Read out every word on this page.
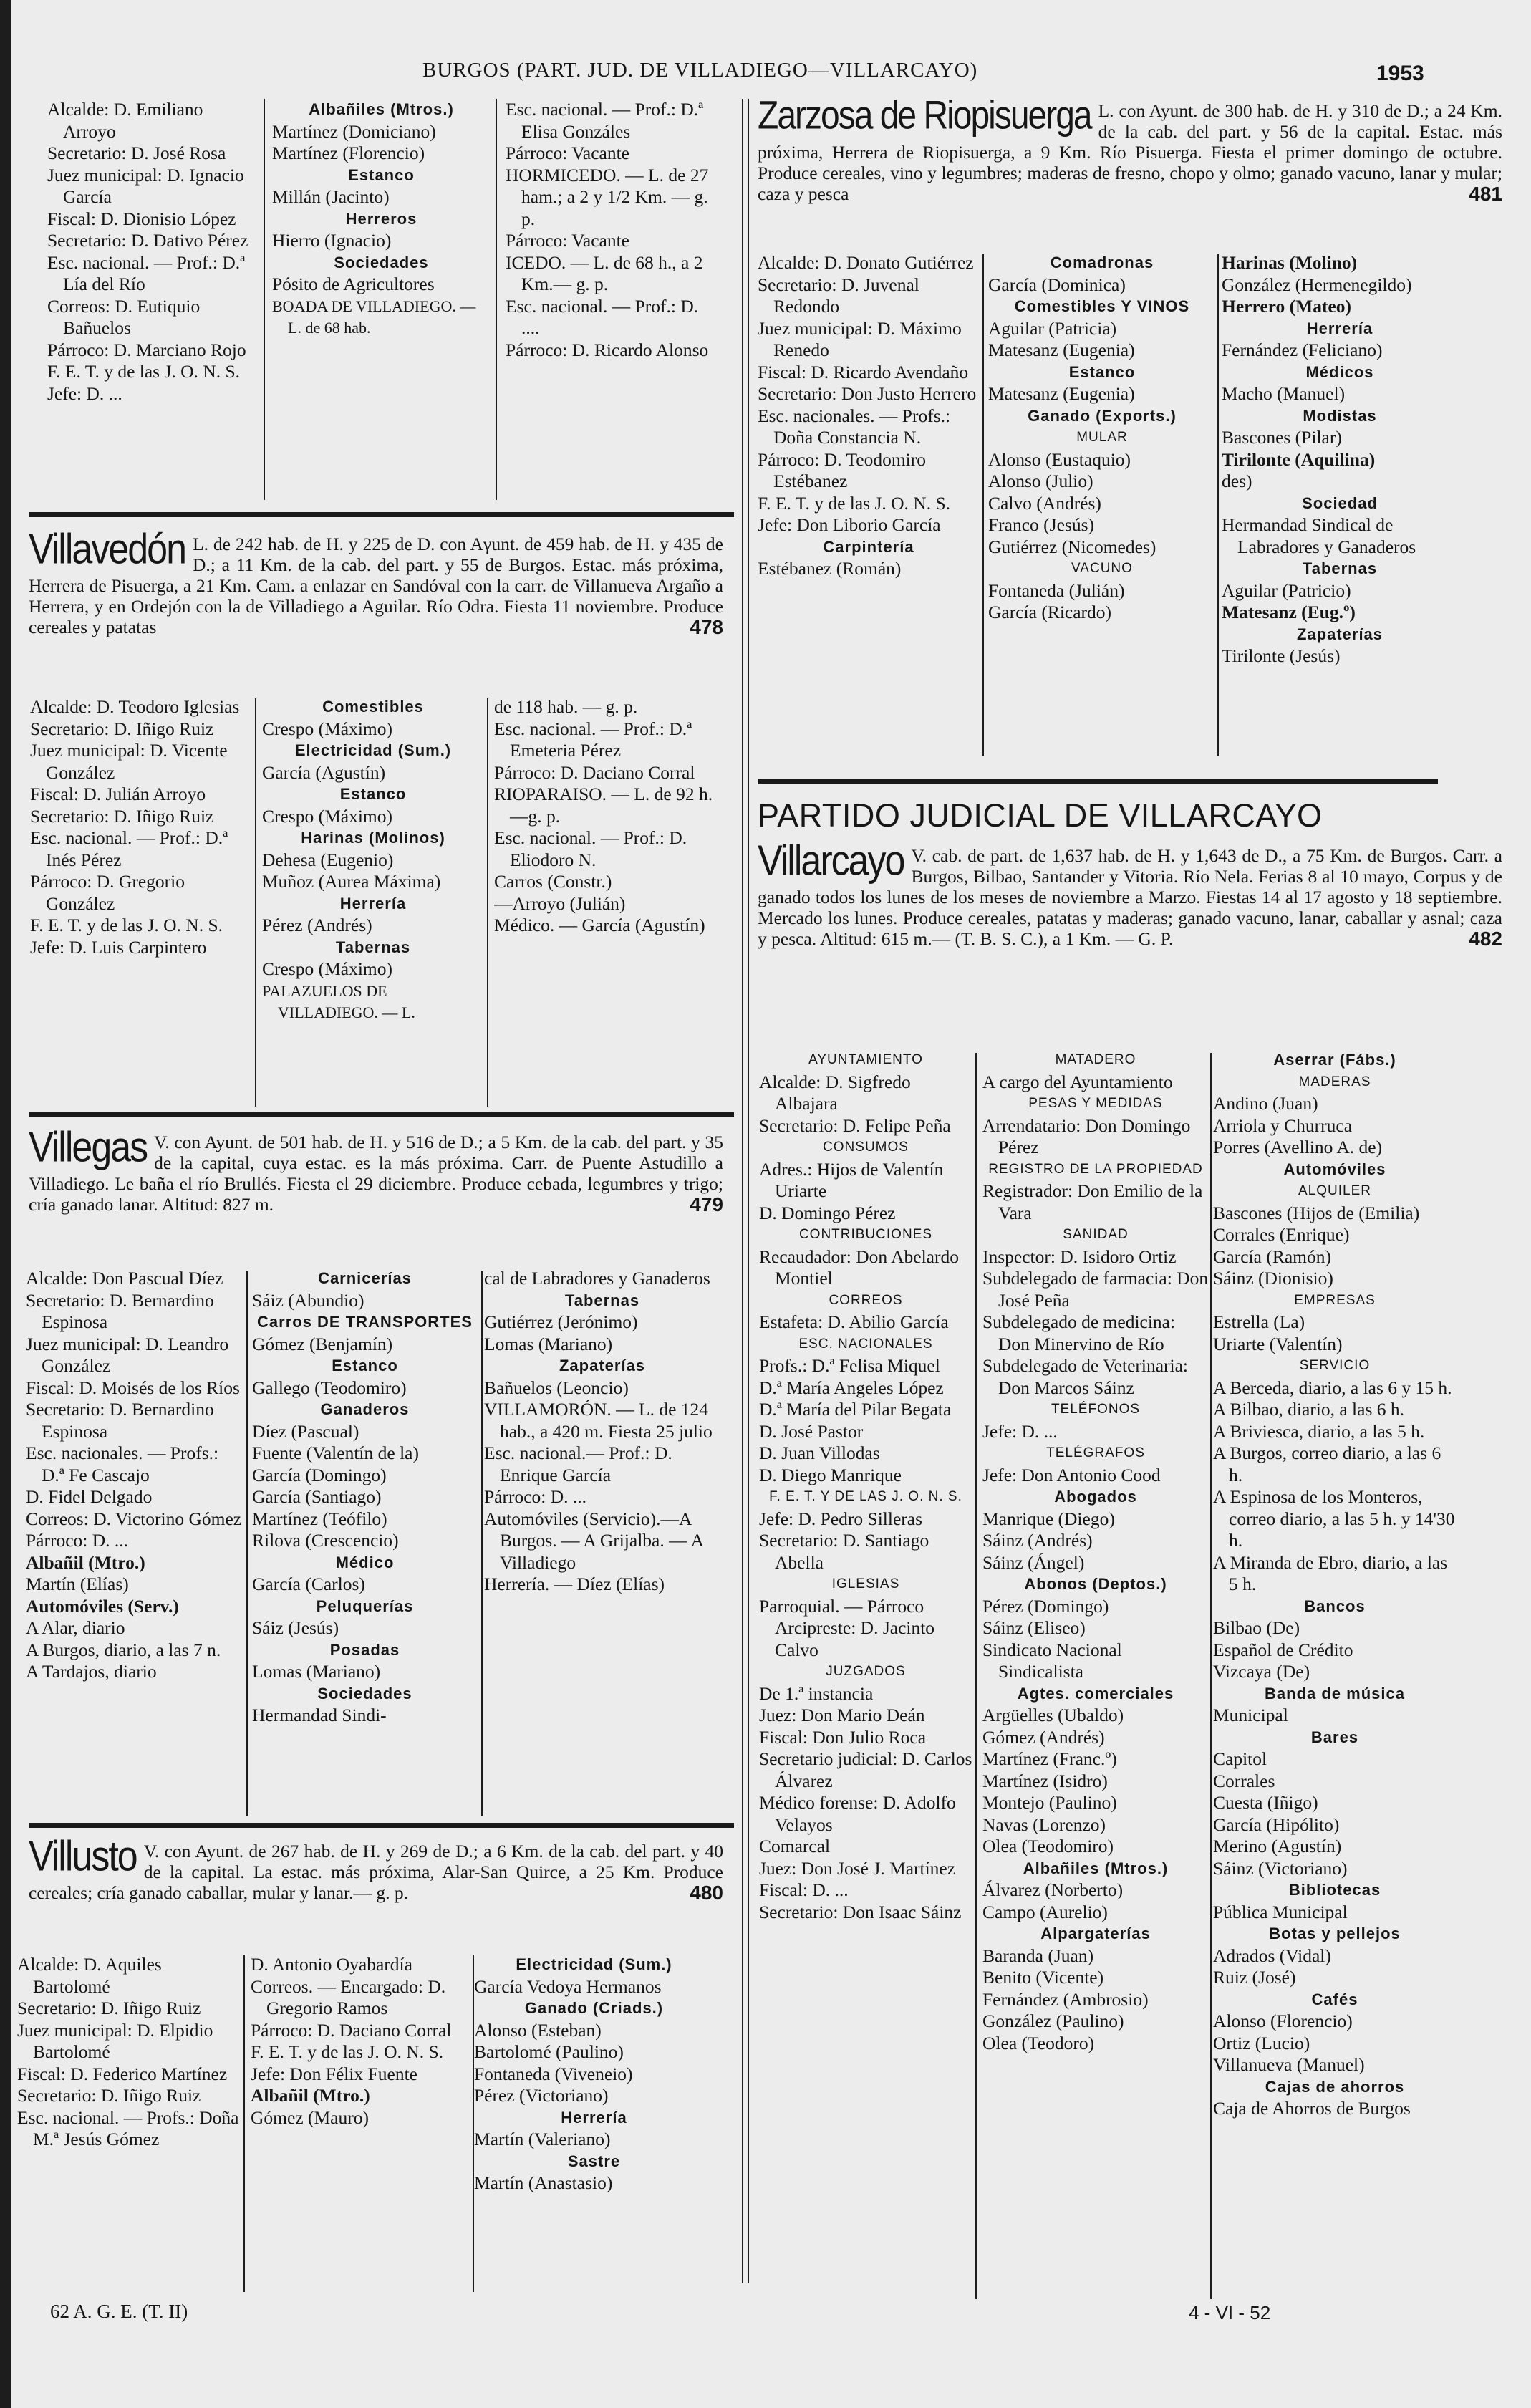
BURGOS (PART. JUD. DE VILLADIEGO—VILLARCAYO)	1953

Alcalde: D. Emiliano Arroyo

Secretario: D. José Rosa

Juez municipal: D. Ignacio García

Fiscal: D. Dionisio López

Secretario: D. Dativo Pérez

Esc. nacional. — Prof.: D.ª Lía del Río

Correos: D. Eutiquio Bañuelos

Párroco: D. Marciano Rojo

F. E. T. y de las J. O. N. S.

Jefe: D. ...

Albañiles (Mtros.)

Martínez (Domiciano)

Martínez (Florencio)

Estanco

Millán (Jacinto)

Herreros

Hierro (Ignacio)

Sociedades

Pósito de Agricultores

BOADA DE VILLADIEGO. — L. de 68 hab.

Esc. nacional. — Prof.: D.ª Elisa Gonzáles

Párroco: Vacante

HORMICEDO. — L. de 27 ham.; a 2 y 1/2 Km. — g. p.

Párroco: Vacante

ICEDO. — L. de 68 h., a 2 Km.— g. p.

Esc. nacional. — Prof.: D. ....

Párroco: D. Ricardo Alonso

Villavedón L. de 242 hab. de H. y 225 de D. con Aγunt. de 459 hab. de H. y 435 de D.; a 11 Km. de la cab. del part. y 55 de Burgos. Estac. más próxima, Herrera de Pisuerga, a 21 Km. Cam. a enlazar en Sandóval con la carr. de Villanueva Argaño a Herrera, y en Ordejón con la de Villadiego a Aguilar. Río Odra. Fiesta 11 noviembre. Produce cereales y patatas	478

Alcalde: D. Teodoro Iglesias

Secretario: D. Iñigo Ruiz

Juez municipal: D. Vicente González

Fiscal: D. Julián Arroyo

Secretario: D. Iñigo Ruiz

Esc. nacional. — Prof.: D.ª Inés Pérez

Párroco: D. Gregorio González

F. E. T. y de las J. O. N. S.

Jefe: D. Luis Carpintero

Comestibles

Crespo (Máximo)

Electricidad (Sum.)

García (Agustín)

Estanco

Crespo (Máximo)

Harinas (Molinos)

Dehesa (Eugenio)

Muñoz (Aurea Máxima)

Herrería

Pérez (Andrés)

Tabernas

Crespo (Máximo)

PALAZUELOS DE VILLADIEGO. — L.

de 118 hab. — g. p.

Esc. nacional. — Prof.: D.ª Emeteria Pérez

Párroco: D. Daciano Corral

RIOPARAISO. — L. de 92 h.—g. p.

Esc. nacional. — Prof.: D. Eliodoro N.

Carros (Constr.)

—Arroyo (Julián)

Médico. — García (Agustín)

Villegas V. con Ayunt. de 501 hab. de H. y 516 de D.; a 5 Km. de la cab. del part. y 35 de la capital, cuya estac. es la más próxima. Carr. de Puente Astudillo a Villadiego. Le baña el río Brullés. Fiesta el 29 diciembre. Produce cebada, legumbres y trigo; cría ganado lanar. Altitud: 827 m.	479

Alcalde: Don Pascual Díez

Secretario: D. Bernardino Espinosa

Juez municipal: D. Leandro González

Fiscal: D. Moisés de los Ríos

Secretario: D. Bernardino Espinosa

Esc. nacionales. — Profs.: D.ª Fe Cascajo

D. Fidel Delgado

Correos: D. Victorino Gómez

Párroco: D. ...

Albañil (Mtro.)

Martín (Elías)

Automóviles (Serv.)

A Alar, diario

A Burgos, diario, a las 7 n.

A Tardajos, diario

Carnicerías

Sáiz (Abundio)

Carros DE TRANSPORTES

Gómez (Benjamín)

Estanco

Gallego (Teodomiro)

Ganaderos

Díez (Pascual)

Fuente (Valentín de la)

García (Domingo)

García (Santiago)

Martínez (Teófilo)

Rilova (Crescencio)

Médico

García (Carlos)

Peluquerías

Sáiz (Jesús)

Posadas

Lomas (Mariano)

Sociedades

Hermandad Sindi-

cal de Labradores y Ganaderos

Tabernas

Gutiérrez (Jerónimo)

Lomas (Mariano)

Zapaterías

Bañuelos (Leoncio)

VILLAMORÓN. — L. de 124 hab., a 420 m. Fiesta 25 julio

Esc. nacional.— Prof.: D. Enrique García

Párroco: D. ...

Automóviles (Servicio).—A Burgos. — A Grijalba. — A Villadiego

Herrería. — Díez (Elías)

Villusto V. con Ayunt. de 267 hab. de H. y 269 de D.; a 6 Km. de la cab. del part. y 40 de la capital. La estac. más próxima, Alar-San Quirce, a 25 Km. Produce cereales; cría ganado caballar, mular y lanar.— g. p.	480

Alcalde: D. Aquiles Bartolomé

Secretario: D. Iñigo Ruiz

Juez municipal: D. Elpidio Bartolomé

Fiscal: D. Federico Martínez

Secretario: D. Iñigo Ruiz

Esc. nacional. — Profs.: Doña M.ª Jesús Gómez

D. Antonio Oyabardía

Correos. — Encargado: D. Gregorio Ramos

Párroco: D. Daciano Corral

F. E. T. y de las J. O. N. S.

Jefe: Don Félix Fuente

Albañil (Mtro.)

Gómez (Mauro)

Electricidad (Sum.)

García Vedoya Hermanos

Ganado (Criads.)

Alonso (Esteban)

Bartolomé (Paulino)

Fontaneda (Viveneio)

Pérez (Victoriano)

Herrería

Martín (Valeriano)

Sastre

Martín (Anastasio)

Zarzosa de Riopisuerga L. con Ayunt. de 300 hab. de H. y 310 de D.; a 24 Km. de la cab. del part. y 56 de la capital. Estac. más próxima, Herrera de Riopisuerga, a 9 Km. Río Pisuerga. Fiesta el primer domingo de octubre. Produce cereales, vino y legumbres; maderas de fresno, chopo y olmo; ganado vacuno, lanar y mular; caza y pesca	481

Alcalde: D. Donato Gutiérrez

Secretario: D. Juvenal Redondo

Juez municipal: D. Máximo Renedo

Fiscal: D. Ricardo Avendaño

Secretario: Don Justo Herrero

Esc. nacionales. — Profs.: Doña Constancia N.

Párroco: D. Teodomiro Estébanez

F. E. T. y de las J. O. N. S.

Jefe: Don Liborio García

Carpintería

Estébanez (Román)

Comadronas

García (Dominica)

Comestibles Y VINOS

Aguilar (Patricia)

Matesanz (Eugenia)

Estanco

Matesanz (Eugenia)

Ganado (Exports.)

MULAR

Alonso (Eustaquio)

Alonso (Julio)

Calvo (Andrés)

Franco (Jesús)

Gutiérrez (Nicomedes)

VACUNO

Fontaneda (Julián)

García (Ricardo)

Harinas (Molino)

González (Hermenegildo)

Herrero (Mateo)

Herrería

Fernández (Feliciano)

Médicos

Macho (Manuel)

Modistas

Bascones (Pilar)

Tirilonte (Aquilina)

des)

Sociedad

Hermandad Sindical de Labradores y Ganaderos

Tabernas

Aguilar (Patricio)

Matesanz (Eug.º)

Zapaterías

Tirilonte (Jesús)

PARTIDO JUDICIAL DE VILLARCAYO
Villarcayo V. cab. de part. de 1,637 hab. de H. y 1,643 de D., a 75 Km. de Burgos. Carr. a Burgos, Bilbao, Santander y Vitoria. Río Nela. Ferias 8 al 10 mayo, Corpus y de ganado todos los lunes de los meses de noviembre a Marzo. Fiestas 14 al 17 agosto y 18 septiembre. Mercado los lunes. Produce cereales, patatas y maderas; ganado vacuno, lanar, caballar y asnal; caza y pesca. Altitud: 615 m.— (T. B. S. C.), a 1 Km. — G. P.	482

AYUNTAMIENTO

Alcalde: D. Sigfredo Albajara

Secretario: D. Felipe Peña

CONSUMOS

Adres.: Hijos de Valentín Uriarte

D. Domingo Pérez

CONTRIBUCIONES

Recaudador: Don Abelardo Montiel

CORREOS

Estafeta: D. Abilio García

ESC. NACIONALES

Profs.: D.ª Felisa Miquel

D.ª María Angeles López

D.ª María del Pilar Begata

D. José Pastor

D. Juan Villodas

D. Diego Manrique

F. E. T. Y DE LAS J. O. N. S.

Jefe: D. Pedro Silleras

Secretario: D. Santiago Abella

IGLESIAS

Parroquial. — Párroco Arcipreste: D. Jacinto Calvo

JUZGADOS

De 1.ª instancia

Juez: Don Mario Deán

Fiscal: Don Julio Roca

Secretario judicial: D. Carlos Álvarez

Médico forense: D. Adolfo Velayos

Comarcal

Juez: Don José J. Martínez

Fiscal: D. ...

Secretario: Don Isaac Sáinz

MATADERO

A cargo del Ayuntamiento

PESAS Y MEDIDAS

Arrendatario: Don Domingo Pérez

REGISTRO DE LA PROPIEDAD

Registrador: Don Emilio de la Vara

SANIDAD

Inspector: D. Isidoro Ortiz

Subdelegado de farmacia: Don José Peña

Subdelegado de medicina: Don Minervino de Río

Subdelegado de Veterinaria: Don Marcos Sáinz

TELÉFONOS

Jefe: D. ...

TELÉGRAFOS

Jefe: Don Antonio Cood

Abogados

Manrique (Diego)

Sáinz (Andrés)

Sáinz (Ángel)

Abonos (Deptos.)

Pérez (Domingo)

Sáinz (Eliseo)

Sindicato Nacional Sindicalista

Agtes. comerciales

Argüelles (Ubaldo)

Gómez (Andrés)

Martínez (Franc.º)

Martínez (Isidro)

Montejo (Paulino)

Navas (Lorenzo)

Olea (Teodomiro)

Albañiles (Mtros.)

Álvarez (Norberto)

Campo (Aurelio)

Alpargaterías

Baranda (Juan)

Benito (Vicente)

Fernández (Ambrosio)

González (Paulino)

Olea (Teodoro)

Aserrar (Fábs.)

MADERAS

Andino (Juan)

Arriola y Churruca

Porres (Avellino A. de)

Automóviles

ALQUILER

Bascones (Hijos de (Emilia)

Corrales (Enrique)

García (Ramón)

Sáinz (Dionisio)

EMPRESAS

Estrella (La)

Uriarte (Valentín)

SERVICIO

A Berceda, diario, a las 6 y 15 h.

A Bilbao, diario, a las 6 h.

A Briviesca, diario, a las 5 h.

A Burgos, correo diario, a las 6 h.

A Espinosa de los Monteros, correo diario, a las 5 h. y 14'30 h.

A Miranda de Ebro, diario, a las 5 h.

Bancos

Bilbao (De)

Español de Crédito

Vizcaya (De)

Banda de música

Municipal

Bares

Capitol

Corrales

Cuesta (Iñigo)

García (Hipólito)

Merino (Agustín)

Sáinz (Victoriano)

Bibliotecas

Pública Municipal

Botas y pellejos

Adrados (Vidal)

Ruiz (José)

Cafés

Alonso (Florencio)

Ortiz (Lucio)

Villanueva (Manuel)

Cajas de ahorros

Caja de Ahorros de Burgos

62 A. G. E. (T. II)	4 - VI - 52
